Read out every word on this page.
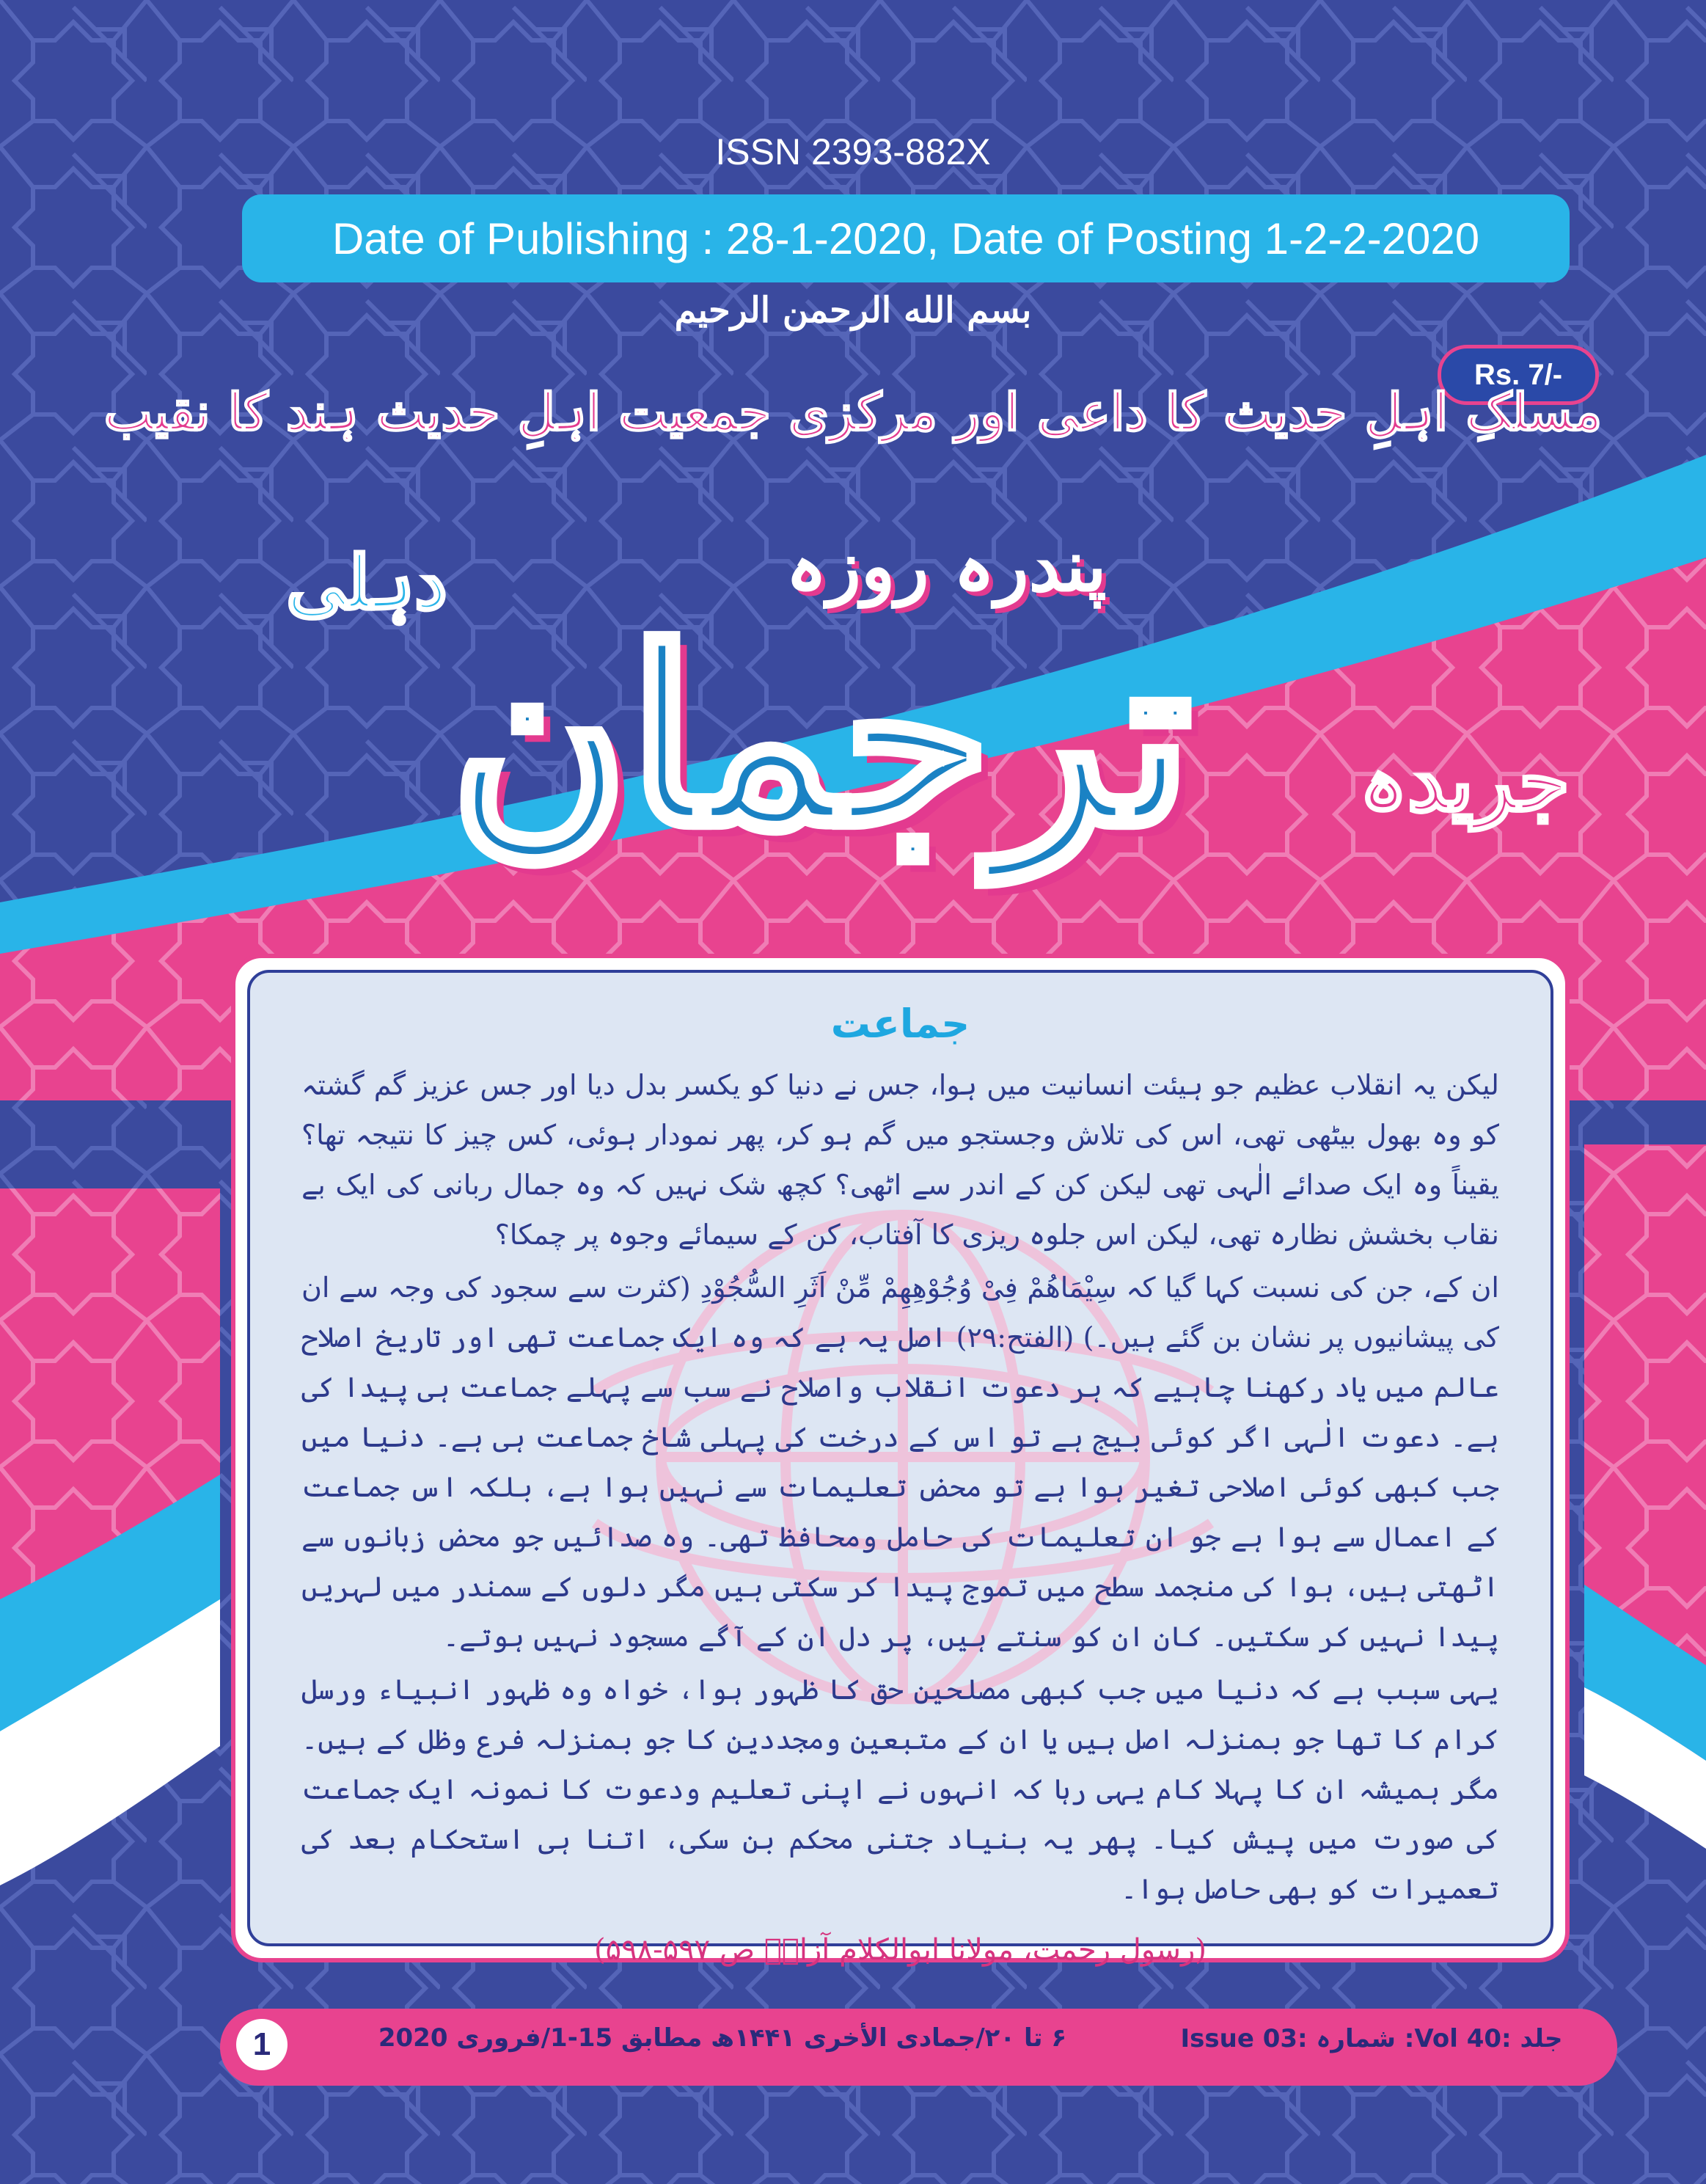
ISSN 2393-882X
Date of Publishing : 28-1-2020, Date of Posting 1-2-2-2020
Rs. 7/-
بسم الله الرحمن الرحيم
مسلکِ اہلِ حدیث کا داعی اور مرکزی جمعیت اہلِ حدیث ہند کا نقیب
پندرہ روزہ
دہلی
ترجمان	جریدہ
جماعت

لیکن یہ انقلاب عظیم جو ہیئت انسانیت میں ہوا، جس نے دنیا کو یکسر بدل دیا اور جس عزیز گم گشتہ کو وہ بھول بیٹھی تھی، اس کی تلاش وجستجو میں گم ہو کر، پھر نمودار ہوئی، کس چیز کا نتیجہ تھا؟ یقیناً وہ ایک صدائے الٰہی تھی لیکن کن کے اندر سے اٹھی؟ کچھ شک نہیں کہ وہ جمال ربانی کی ایک بے نقاب بخشش نظارہ تھی، لیکن اس جلوہ ریزی کا آفتاب، کن کے سیمائے وجوہ پر چمکا؟

ان کے، جن کی نسبت کہا گیا کہ سِیْمَاھُمْ فِیْ وُجُوْھِھِمْ مِّنْ اَثَرِ السُّجُوْدِ (کثرت سے سجود کی وجہ سے ان کی پیشانیوں پر نشان بن گئے ہیں۔) (الفتح:۲۹) اصل یہ ہے کہ وہ ایک جماعت تھی اور تاریخ اصلاح عالم میں یاد رکھنا چاہیے کہ ہر دعوت انقلاب واصلاح نے سب سے پہلے جماعت ہی پیدا کی ہے۔ دعوت الٰہی اگر کوئی بیج ہے تو اس کے درخت کی پہلی شاخ جماعت ہی ہے۔ دنیا میں جب کبھی کوئی اصلاحی تغیر ہوا ہے تو محض تعلیمات سے نہیں ہوا ہے، بلکہ اس جماعت کے اعمال سے ہوا ہے جو ان تعلیمات کی حامل ومحافظ تھی۔ وہ صدائیں جو محض زبانوں سے اٹھتی ہیں، ہوا کی منجمد سطح میں تموج پیدا کر سکتی ہیں مگر دلوں کے سمندر میں لہریں پیدا نہیں کر سکتیں۔ کان ان کو سنتے ہیں، پر دل ان کے آگے مسجود نہیں ہوتے۔

یہی سبب ہے کہ دنیا میں جب کبھی مصلحین حق کا ظہور ہوا، خواہ وہ ظہور انبیاء ورسل کرام کا تھا جو بمنزلہ اصل ہیں یا ان کے متبعین ومجددین کا جو بمنزلہ فرع وظل کے ہیں۔ مگر ہمیشہ ان کا پہلا کام یہی رہا کہ انہوں نے اپنی تعلیم ودعوت کا نمونہ ایک جماعت کی صورت میں پیش کیا۔ پھر یہ بنیاد جتنی محکم بن سکی، اتنا ہی استحکام بعد کی تعمیرات کو بھی حاصل ہوا۔

(رسول رحمت، مولانا ابوالکلام آزادؒ ص ۵۹۷-۵۹۸)
1	۶ تا ۲۰/جمادی الأخری ۱۴۴۱ھ مطابق 15-1/فروری 2020	جلد :40 Vol: شمارہ :03 Issue
